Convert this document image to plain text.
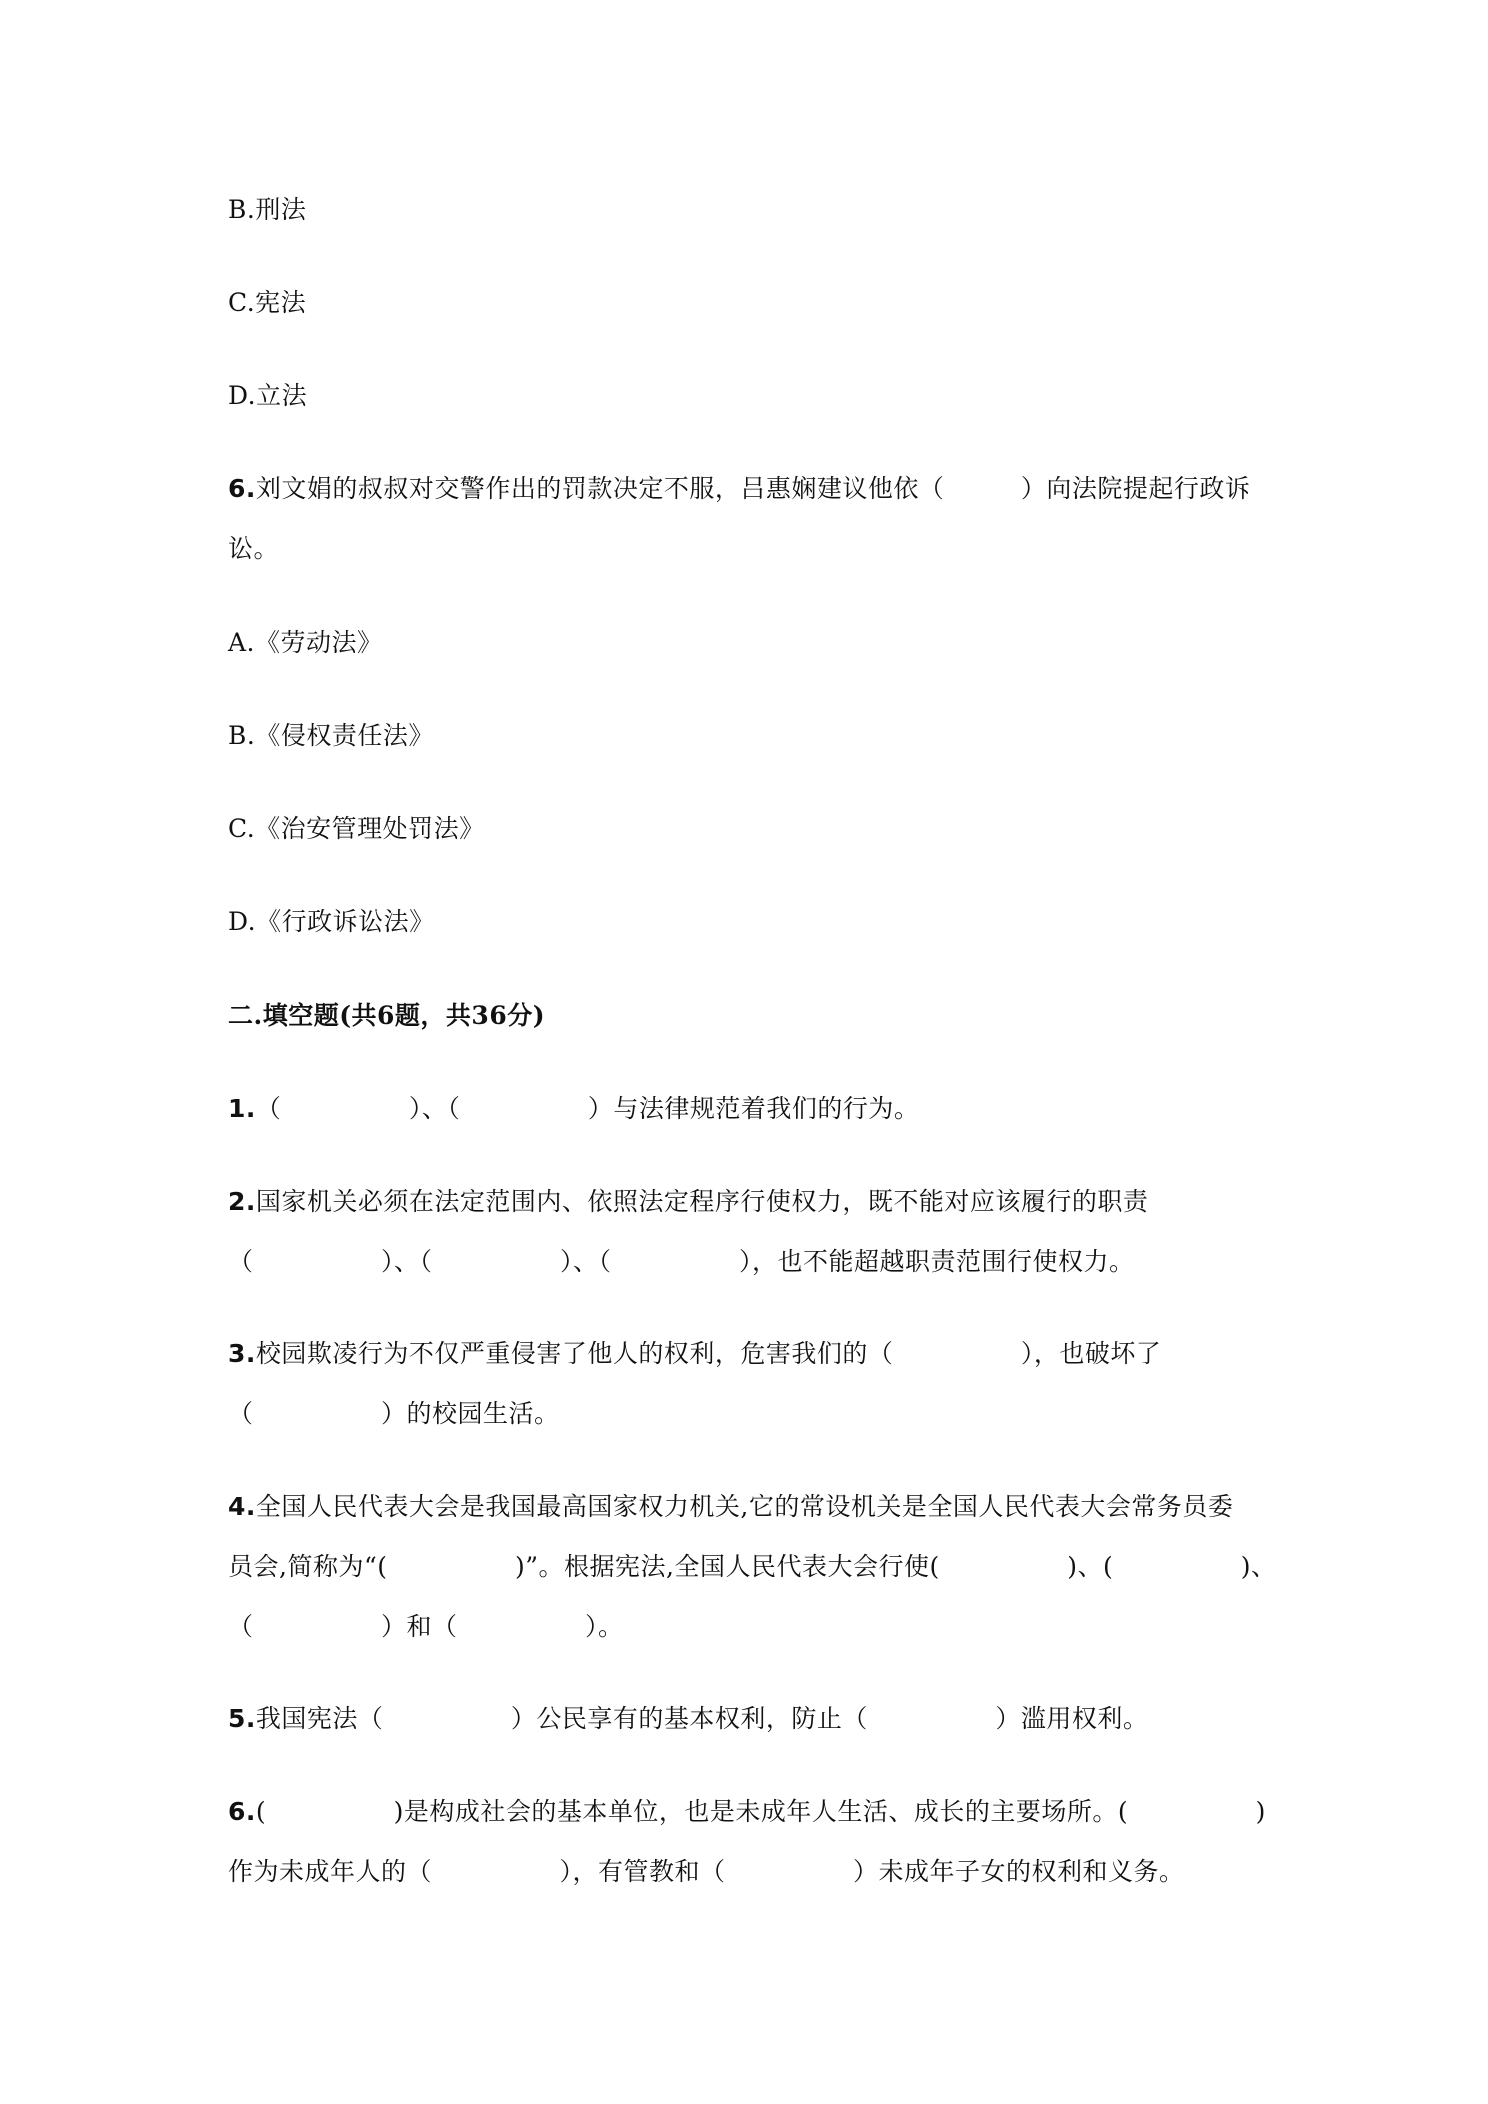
B.刑法
C.宪法
D.立法
6.刘文娟的叔叔对交警作出的罚款决定不服，吕惠娴建议他依（　　　）向法院提起行政诉
讼。
A.《劳动法》
B.《侵权责任法》
C.《治安管理处罚法》
D.《行政诉讼法》
二.填空题(共6题，共36分)
1.（　　　　　）、（　　　　　）与法律规范着我们的行为。
2.国家机关必须在法定范围内、依照法定程序行使权力，既不能对应该履行的职责
（　　　　　）、（　　　　　）、（　　　　　），也不能超越职责范围行使权力。
3.校园欺凌行为不仅严重侵害了他人的权利，危害我们的（　　　　　），也破坏了
（　　　　　）的校园生活。
4.全国人民代表大会是我国最高国家权力机关,它的常设机关是全国人民代表大会常务员委
员会,简称为“(　　　　　)”。根据宪法,全国人民代表大会行使(　　　　　)、(　　　　　)、
（　　　　　）和（　　　　　）。
5.我国宪法（　　　　　）公民享有的基本权利，防止（　　　　　）滥用权利。
6.(　　　　　)是构成社会的基本单位，也是未成年人生活、成长的主要场所。(　　　　　)
作为未成年人的（　　　　　），有管教和（　　　　　）未成年子女的权利和义务。
